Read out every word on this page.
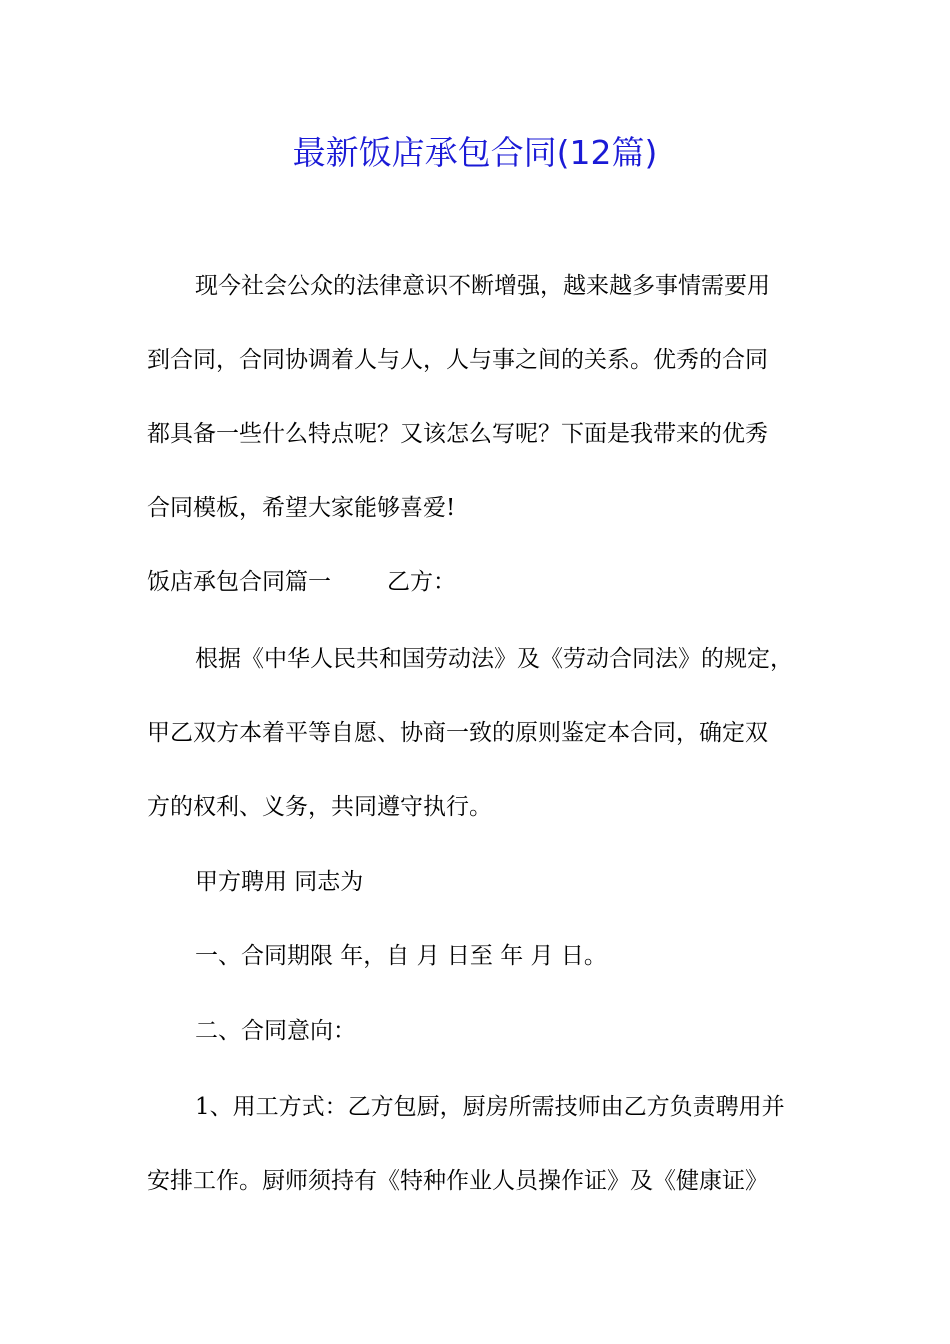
最新饭店承包合同(12篇)

现今社会公众的法律意识不断增强，越来越多事情需要用

到合同，合同协调着人与人，人与事之间的关系。优秀的合同

都具备一些什么特点呢？又该怎么写呢？下面是我带来的优秀

合同模板，希望大家能够喜爱!

饭店承包合同篇一 乙方：

根据《中华人民共和国劳动法》及《劳动合同法》的规定，

甲乙双方本着平等自愿、协商一致的原则鉴定本合同，确定双

方的权利、义务，共同遵守执行。

甲方聘用 同志为

一、合同期限 年，自 月 日至 年 月 日。

二、合同意向：

1、用工方式：乙方包厨，厨房所需技师由乙方负责聘用并

安排工作。厨师须持有《特种作业人员操作证》及《健康证》
